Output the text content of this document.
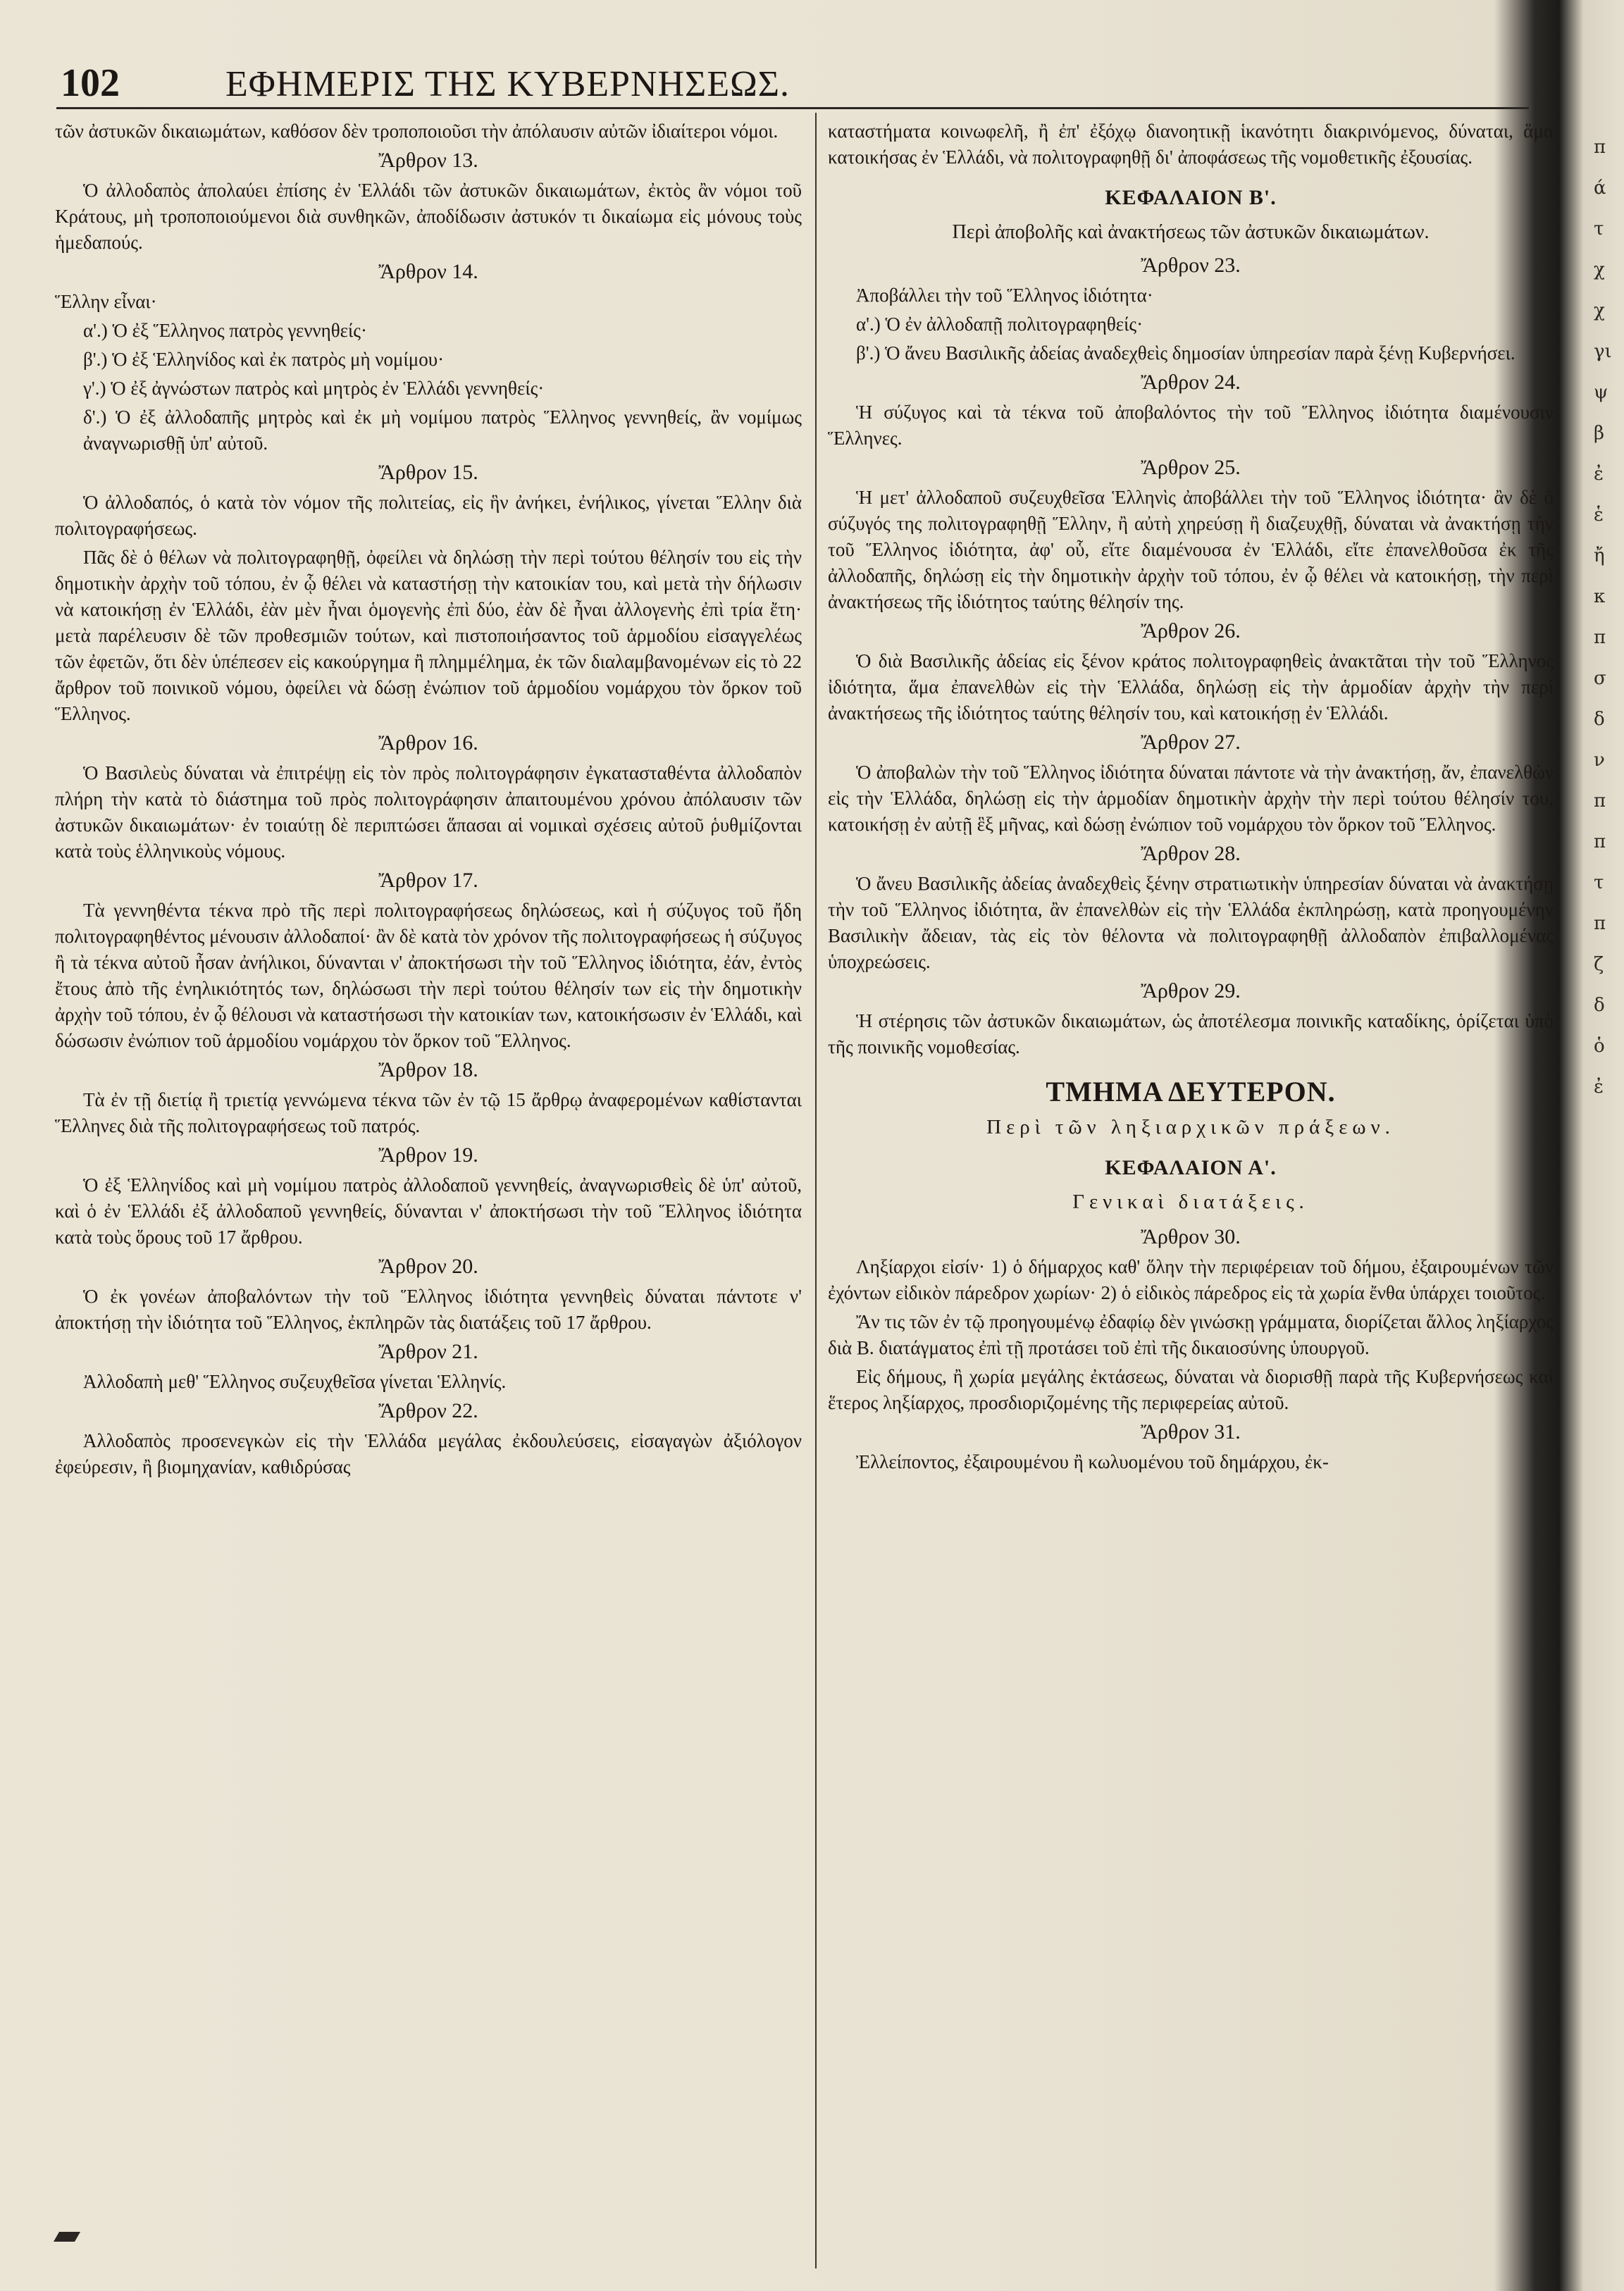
102	ΕΦΗΜΕΡΙΣ ΤΗΣ ΚΥΒΕΡΝΗΣΕΩΣ.

τῶν ἀστυκῶν δικαιωμάτων, καθόσον δὲν τροποποιοῦσι τὴν ἀπόλαυσιν αὐτῶν ἰδιαίτεροι νόμοι.

Ἄρθρον 13.

Ὁ ἀλλοδαπὸς ἀπολαύει ἐπίσης ἐν Ἑλλάδι τῶν ἀστυκῶν δικαιωμάτων, ἐκτὸς ἂν νόμοι τοῦ Κράτους, μὴ τροποποιούμενοι διὰ συνθηκῶν, ἀποδίδωσιν ἀστυκόν τι δικαίωμα εἰς μόνους τοὺς ἡμεδαπούς.

Ἄρθρον 14.

Ἕλλην εἶναι·

α'.) Ὁ ἐξ Ἕλληνος πατρὸς γεννηθείς·

β'.) Ὁ ἐξ Ἑλληνίδος καὶ ἐκ πατρὸς μὴ νομίμου·

γ'.) Ὁ ἐξ ἀγνώστων πατρὸς καὶ μητρὸς ἐν Ἑλλάδι γεννηθείς·

δ'.) Ὁ ἐξ ἀλλοδαπῆς μητρὸς καὶ ἐκ μὴ νομίμου πατρὸς Ἕλληνος γεννηθείς, ἂν νομίμως ἀναγνωρισθῇ ὑπ' αὐτοῦ.

Ἄρθρον 15.

Ὁ ἀλλοδαπός, ὁ κατὰ τὸν νόμον τῆς πολιτείας, εἰς ἣν ἀνήκει, ἐνήλικος, γίνεται Ἕλλην διὰ πολιτογραφήσεως.

Πᾶς δὲ ὁ θέλων νὰ πολιτογραφηθῇ, ὀφείλει νὰ δηλώσῃ τὴν περὶ τούτου θέλησίν του εἰς τὴν δημοτικὴν ἀρχὴν τοῦ τόπου, ἐν ᾧ θέλει νὰ καταστήσῃ τὴν κατοικίαν του, καὶ μετὰ τὴν δήλωσιν νὰ κατοικήσῃ ἐν Ἑλλάδι, ἐὰν μὲν ἦναι ὁμογενὴς ἐπὶ δύο, ἐὰν δὲ ἦναι ἀλλογενὴς ἐπὶ τρία ἔτη· μετὰ παρέλευσιν δὲ τῶν προθεσμιῶν τούτων, καὶ πιστοποιήσαντος τοῦ ἁρμοδίου εἰσαγγελέως τῶν ἐφετῶν, ὅτι δὲν ὑπέπεσεν εἰς κακούργημα ἢ πλημμέλημα, ἐκ τῶν διαλαμβανομένων εἰς τὸ 22 ἄρθρον τοῦ ποινικοῦ νόμου, ὀφείλει νὰ δώσῃ ἐνώπιον τοῦ ἁρμοδίου νομάρχου τὸν ὅρκον τοῦ Ἕλληνος.

Ἄρθρον 16.

Ὁ Βασιλεὺς δύναται νὰ ἐπιτρέψῃ εἰς τὸν πρὸς πολιτογράφησιν ἐγκατασταθέντα ἀλλοδαπὸν πλήρη τὴν κατὰ τὸ διάστημα τοῦ πρὸς πολιτογράφησιν ἀπαιτουμένου χρόνου ἀπόλαυσιν τῶν ἀστυκῶν δικαιωμάτων· ἐν τοιαύτῃ δὲ περιπτώσει ἅπασαι αἱ νομικαὶ σχέσεις αὐτοῦ ῥυθμίζονται κατὰ τοὺς ἑλληνικοὺς νόμους.

Ἄρθρον 17.

Τὰ γεννηθέντα τέκνα πρὸ τῆς περὶ πολιτογραφήσεως δηλώσεως, καὶ ἡ σύζυγος τοῦ ἤδη πολιτογραφηθέντος μένουσιν ἀλλοδαποί· ἂν δὲ κατὰ τὸν χρόνον τῆς πολιτογραφήσεως ἡ σύζυγος ἢ τὰ τέκνα αὐτοῦ ἦσαν ἀνήλικοι, δύνανται ν' ἀποκτήσωσι τὴν τοῦ Ἕλληνος ἰδιότητα, ἐάν, ἐντὸς ἔτους ἀπὸ τῆς ἐνηλικιότητός των, δηλώσωσι τὴν περὶ τούτου θέλησίν των εἰς τὴν δημοτικὴν ἀρχὴν τοῦ τόπου, ἐν ᾧ θέλουσι νὰ καταστήσωσι τὴν κατοικίαν των, κατοικήσωσιν ἐν Ἑλλάδι, καὶ δώσωσιν ἐνώπιον τοῦ ἁρμοδίου νομάρχου τὸν ὅρκον τοῦ Ἕλληνος.

Ἄρθρον 18.

Τὰ ἐν τῇ διετίᾳ ἢ τριετίᾳ γεννώμενα τέκνα τῶν ἐν τῷ 15 ἄρθρῳ ἀναφερομένων καθίστανται Ἕλληνες διὰ τῆς πολιτογραφήσεως τοῦ πατρός.

Ἄρθρον 19.

Ὁ ἐξ Ἑλληνίδος καὶ μὴ νομίμου πατρὸς ἀλλοδαποῦ γεννηθείς, ἀναγνωρισθεὶς δὲ ὑπ' αὐτοῦ, καὶ ὁ ἐν Ἑλλάδι ἐξ ἀλλοδαποῦ γεννηθείς, δύνανται ν' ἀποκτήσωσι τὴν τοῦ Ἕλληνος ἰδιότητα κατὰ τοὺς ὅρους τοῦ 17 ἄρθρου.

Ἄρθρον 20.

Ὁ ἐκ γονέων ἀποβαλόντων τὴν τοῦ Ἕλληνος ἰδιότητα γεννηθεὶς δύναται πάντοτε ν' ἀποκτήσῃ τὴν ἰδιότητα τοῦ Ἕλληνος, ἐκπληρῶν τὰς διατάξεις τοῦ 17 ἄρθρου.

Ἄρθρον 21.

Ἀλλοδαπὴ μεθ' Ἕλληνος συζευχθεῖσα γίνεται Ἑλληνίς.

Ἄρθρον 22.

Ἀλλοδαπὸς προσενεγκὼν εἰς τὴν Ἑλλάδα μεγάλας ἐκδουλεύσεις, εἰσαγαγὼν ἀξιόλογον ἐφεύρεσιν, ἢ βιομηχανίαν, καθιδρύσας

καταστήματα κοινωφελῆ, ἢ ἐπ' ἐξόχῳ διανοητικῇ ἱκανότητι διακρινόμενος, δύναται, ἅμα κατοικήσας ἐν Ἑλλάδι, νὰ πολιτογραφηθῇ δι' ἀποφάσεως τῆς νομοθετικῆς ἐξουσίας.

ΚΕΦΑΛΑΙΟΝ Β'.
Περὶ ἀποβολῆς καὶ ἀνακτήσεως τῶν ἀστυκῶν δικαιωμάτων.
Ἄρθρον 23.

Ἀποβάλλει τὴν τοῦ Ἕλληνος ἰδιότητα·

α'.) Ὁ ἐν ἀλλοδαπῇ πολιτογραφηθείς·

β'.) Ὁ ἄνευ Βασιλικῆς ἀδείας ἀναδεχθεὶς δημοσίαν ὑπηρεσίαν παρὰ ξένῃ Κυβερνήσει.

Ἄρθρον 24.

Ἡ σύζυγος καὶ τὰ τέκνα τοῦ ἀποβαλόντος τὴν τοῦ Ἕλληνος ἰδιότητα διαμένουσιν Ἕλληνες.

Ἄρθρον 25.

Ἡ μετ' ἀλλοδαποῦ συζευχθεῖσα Ἑλληνὶς ἀποβάλλει τὴν τοῦ Ἕλληνος ἰδιότητα· ἂν δὲ ὁ σύζυγός της πολιτογραφηθῇ Ἕλλην, ἢ αὐτὴ χηρεύσῃ ἢ διαζευχθῇ, δύναται νὰ ἀνακτήσῃ τὴν τοῦ Ἕλληνος ἰδιότητα, ἀφ' οὗ, εἴτε διαμένουσα ἐν Ἑλλάδι, εἴτε ἐπανελθοῦσα ἐκ τῆς ἀλλοδαπῆς, δηλώσῃ εἰς τὴν δημοτικὴν ἀρχὴν τοῦ τόπου, ἐν ᾧ θέλει νὰ κατοικήσῃ, τὴν περὶ ἀνακτήσεως τῆς ἰδιότητος ταύτης θέλησίν της.

Ἄρθρον 26.

Ὁ διὰ Βασιλικῆς ἀδείας εἰς ξένον κράτος πολιτογραφηθεὶς ἀνακτᾶται τὴν τοῦ Ἕλληνος ἰδιότητα, ἅμα ἐπανελθὼν εἰς τὴν Ἑλλάδα, δηλώσῃ εἰς τὴν ἁρμοδίαν ἀρχὴν τὴν περὶ ἀνακτήσεως τῆς ἰδιότητος ταύτης θέλησίν του, καὶ κατοικήσῃ ἐν Ἑλλάδι.

Ἄρθρον 27.

Ὁ ἀποβαλὼν τὴν τοῦ Ἕλληνος ἰδιότητα δύναται πάντοτε νὰ τὴν ἀνακτήσῃ, ἄν, ἐπανελθὼν εἰς τὴν Ἑλλάδα, δηλώσῃ εἰς τὴν ἁρμοδίαν δημοτικὴν ἀρχὴν τὴν περὶ τούτου θέλησίν του, κατοικήσῃ ἐν αὐτῇ ἓξ μῆνας, καὶ δώσῃ ἐνώπιον τοῦ νομάρχου τὸν ὅρκον τοῦ Ἕλληνος.

Ἄρθρον 28.

Ὁ ἄνευ Βασιλικῆς ἀδείας ἀναδεχθεὶς ξένην στρατιωτικὴν ὑπηρεσίαν δύναται νὰ ἀνακτήσῃ τὴν τοῦ Ἕλληνος ἰδιότητα, ἂν ἐπανελθὼν εἰς τὴν Ἑλλάδα ἐκπληρώσῃ, κατὰ προηγουμένην Βασιλικὴν ἄδειαν, τὰς εἰς τὸν θέλοντα νὰ πολιτογραφηθῇ ἀλλοδαπὸν ἐπιβαλλομένας ὑποχρεώσεις.

Ἄρθρον 29.

Ἡ στέρησις τῶν ἀστυκῶν δικαιωμάτων, ὡς ἀποτέλεσμα ποινικῆς καταδίκης, ὁρίζεται ὑπὸ τῆς ποινικῆς νομοθεσίας.

ΤΜΗΜΑ ΔΕΥΤΕΡΟΝ.
Περὶ τῶν ληξιαρχικῶν πράξεων.
ΚΕΦΑΛΑΙΟΝ Α'.
Γενικαὶ διατάξεις.
Ἄρθρον 30.

Ληξίαρχοι εἰσίν· 1) ὁ δήμαρχος καθ' ὅλην τὴν περιφέρειαν τοῦ δήμου, ἐξαιρουμένων τῶν ἐχόντων εἰδικὸν πάρεδρον χωρίων· 2) ὁ εἰδικὸς πάρεδρος εἰς τὰ χωρία ἔνθα ὑπάρχει τοιοῦτος.

Ἄν τις τῶν ἐν τῷ προηγουμένῳ ἐδαφίῳ δὲν γινώσκῃ γράμματα, διορίζεται ἄλλος ληξίαρχος διὰ Β. διατάγματος ἐπὶ τῇ προτάσει τοῦ ἐπὶ τῆς δικαιοσύνης ὑπουργοῦ.

Εἰς δήμους, ἢ χωρία μεγάλης ἐκτάσεως, δύναται νὰ διορισθῇ παρὰ τῆς Κυβερνήσεως καὶ ἕτερος ληξίαρχος, προσδιοριζομένης τῆς περιφερείας αὐτοῦ.

Ἄρθρον 31.

Ἐλλείποντος, ἐξαιρουμένου ἢ κωλυομένου τοῦ δημάρχου, ἐκ-

π
ά
τ
χ
χ
γι
ψ
β
ἐ
ἑ
ἤ
κ
π
σ
δ
ν
π
π
τ
π
ζ
δ
ὁ
ἐ
